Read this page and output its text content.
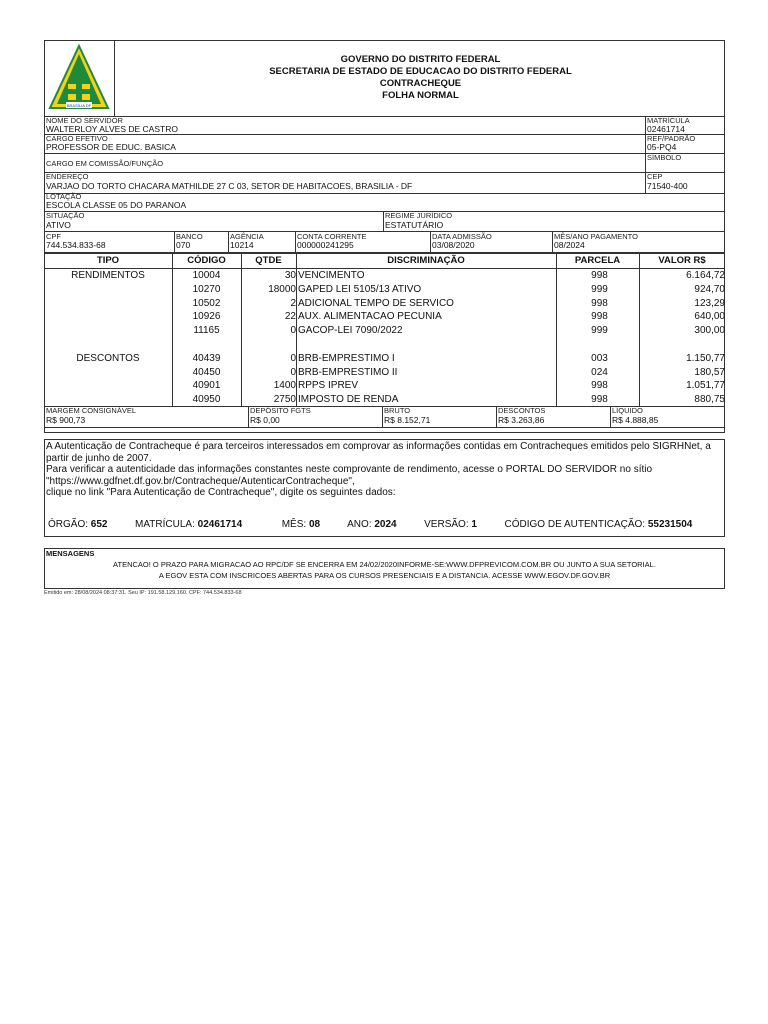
BRASÍLIA DF
GOVERNO DO DISTRITO FEDERAL
SECRETARIA DE ESTADO DE EDUCACAO DO DISTRITO FEDERAL
CONTRACHEQUE
FOLHA NORMAL
NOME DO SERVIDOR
WALTERLOY ALVES DE CASTRO
MATRÍCULA
02461714
CARGO EFETIVO
PROFESSOR DE EDUC. BASICA
REF/PADRÃO
05-PQ4
CARGO EM COMISSÃO/FUNÇÃO
SÍMBOLO
ENDEREÇO
VARJAO DO TORTO CHACARA MATHILDE 27 C 03, SETOR DE HABITACOES, BRASILIA - DF
CEP
71540-400
LOTAÇÃO
ESCOLA CLASSE 05 DO PARANOA
SITUAÇÃO
ATIVO
REGIME JURÍDICO
ESTATUTÁRIO
CPF
744.534.833-68
BANCO
070
AGÊNCIA
10214
CONTA CORRENTE
000000241295
DATA ADMISSÃO
03/08/2020
MÊS/ANO PAGAMENTO
08/2024
TIPO	CÓDIGO	QTDE	DISCRIMINAÇÃO	PARCELA	VALOR R$
RENDIMENTOS	10004	30 VENCIMENTO	998	6.164,72
10270	18000 GAPED LEI 5105/13 ATIVO	999	924,70
10502	2 ADICIONAL TEMPO DE SERVICO	998	123,29
10926	22 AUX. ALIMENTACAO PECUNIA	998	640,00
11165	0 GACOP-LEI 7090/2022	999	300,00
DESCONTOS	40439	0 BRB-EMPRESTIMO I	003	1.150,77
40450	0 BRB-EMPRESTIMO II	024	180,57
40901	1400 RPPS IPREV	998	1.051,77
40950	2750 IMPOSTO DE RENDA	998	880,75
MARGEM CONSIGNÁVEL
R$ 900,73
DEPÓSITO FGTS
R$ 0,00
BRUTO
R$ 8.152,71
DESCONTOS
R$ 3.263,86
LÍQUIDO
R$ 4.888,85
A Autenticação de Contracheque é para terceiros interessados em comprovar as informações contidas em Contracheques emitidos pelo SIGRHNet, a partir de junho de 2007.
Para verificar a autenticidade das informações constantes neste comprovante de rendimento, acesse o PORTAL DO SERVIDOR no sítio "https://www.gdfnet.df.gov.br/Contracheque/AutenticarContracheque",
clique no link "Para Autenticação de Contracheque", digite os seguintes dados:
ÓRGÃO: 652	MATRÍCULA: 02461714	MÊS: 08	ANO: 2024	VERSÃO: 1	CÓDIGO DE AUTENTICAÇÃO: 55231504
MENSAGENS
ATENCAO! O PRAZO PARA MIGRACAO AO RPC/DF SE ENCERRA EM 24/02/2020INFORME-SE:WWW.DFPREVICOM.COM.BR OU JUNTO A SUA SETORIAL.
A EGOV ESTA COM INSCRICOES ABERTAS PARA OS CURSOS PRESENCIAIS E A DISTANCIA. ACESSE WWW.EGOV.DF.GOV.BR
Emitido em: 28/08/2024 08:37:31. Seu IP: 191.58.129.160. CPF: 744.534.833-68
